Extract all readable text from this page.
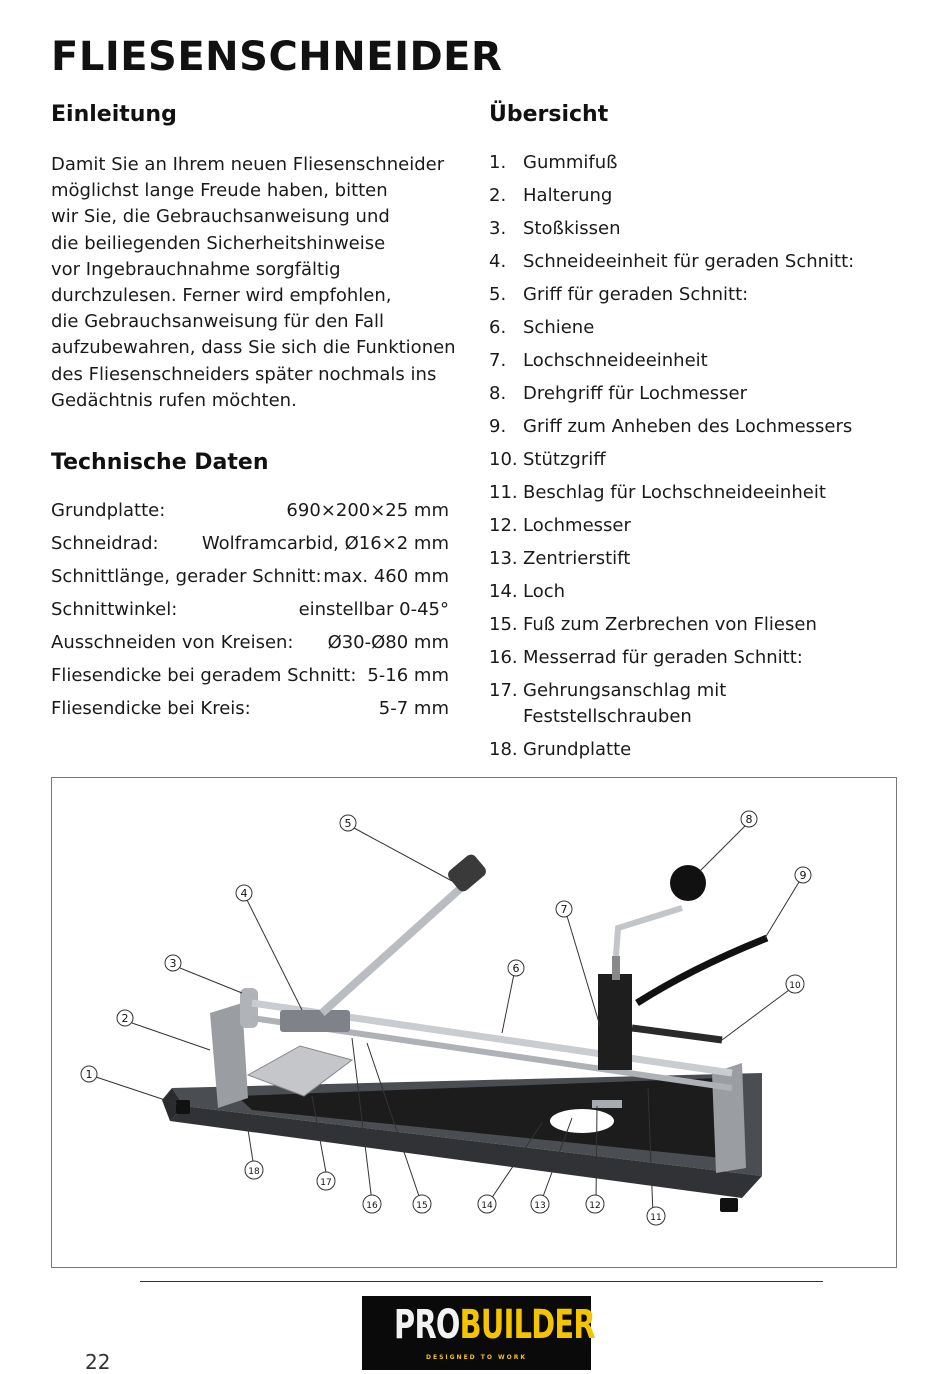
FLIESENSCHNEIDER
Einleitung

Damit Sie an Ihrem neuen Fliesenschneider
möglichst lange Freude haben, bitten
wir Sie, die Gebrauchsanweisung und
die beiliegenden Sicherheitshinweise
vor Ingebrauchnahme sorgfältig
durchzulesen. Ferner wird empfohlen,
die Gebrauchsanweisung für den Fall
aufzubewahren, dass Sie sich die Funktionen
des Fliesenschneiders später nochmals ins
Gedächtnis rufen möchten.

Technische Daten
Grundplatte:	690×200×25 mm
Schneidrad: Wolframcarbid, Ø16×2 mm
Schnittlänge, gerader Schnitt: max. 460 mm
Schnittwinkel:	einstellbar 0-45°
Ausschneiden von Kreisen: Ø30-Ø80 mm
Fliesendicke bei geradem Schnitt: 5-16 mm
Fliesendicke bei Kreis:	5-7 mm
Übersicht
1. Gummifuß
2. Halterung
3. Stoßkissen
4. Schneideeinheit für geraden Schnitt:
5. Griff für geraden Schnitt:
6. Schiene
7. Lochschneideeinheit
8. Drehgriff für Lochmesser
9. Griff zum Anheben des Lochmessers
10. Stützgriff
11. Beschlag für Lochschneideeinheit
12. Lochmesser
13. Zentrierstift
14. Loch
15. Fuß zum Zerbrechen von Fliesen
16. Messerrad für geraden Schnitt:
17. Gehrungsanschlag mit
Feststellschrauben
18. Grundplatte
1
2
3
4
5
6
7
8
9
10
11
12
13
14
15
16
17
18
PROBUILDER
DESIGNED TO WORK
22
